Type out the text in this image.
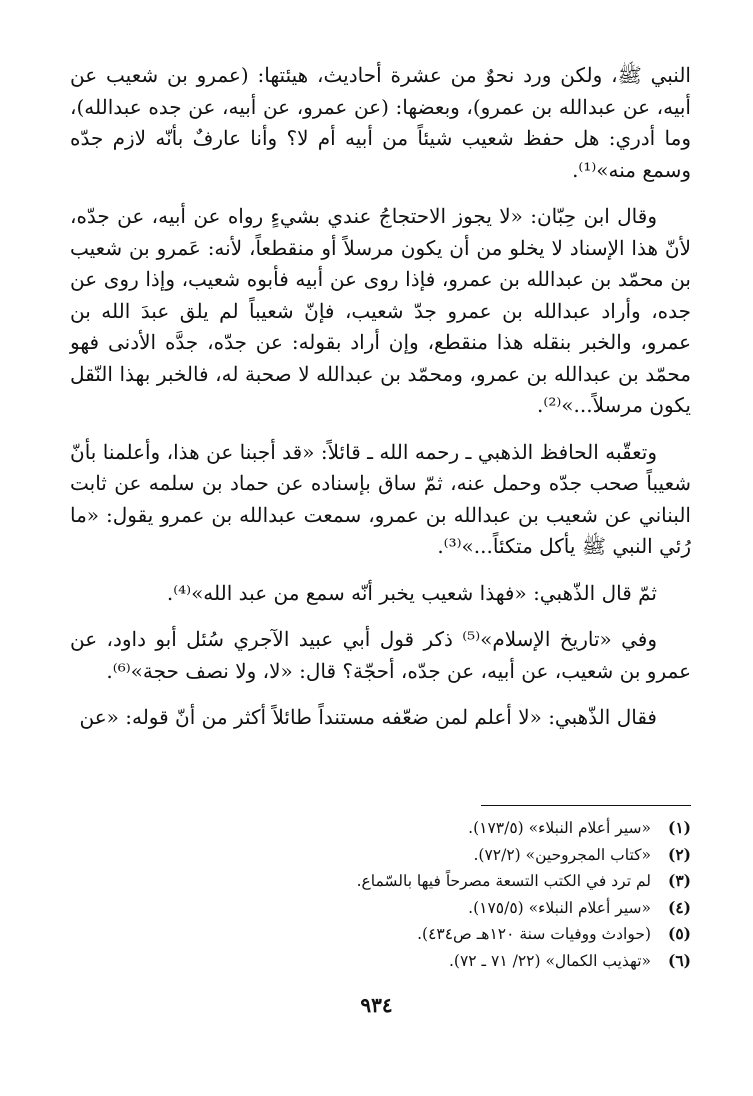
النبي ﷺ، ولكن ورد نحوٌ من عشرة أحاديث، هيئتها: (عمرو بن شعيب عن أبيه، عن عبدالله بن عمرو)، وبعضها: (عن عمرو، عن أبيه، عن جده عبدالله)، وما أدري: هل حفظ شعيب شيئاً من أبيه أم لا؟ وأنا عارفٌ بأنّه لازم جدّه وسمع منه»⁽¹⁾.

وقال ابن حِبّان: «لا يجوز الاحتجاجُ عندي بشيءٍ رواه عن أبيه، عن جدّه، لأنّ هذا الإسناد لا يخلو من أن يكون مرسلاً أو منقطعاً، لأنه: عَمرو بن شعيب بن محمّد بن عبدالله بن عمرو، فإذا روى عن أبيه فأبوه شعيب، وإذا روى عن جده، وأراد عبدالله بن عمرو جدّ شعيب، فإنّ شعيباً لم يلق عبدَ الله بن عمرو، والخبر بنقله هذا منقطع، وإن أراد بقوله: عن جدّه، جدَّه الأدنى فهو محمّد بن عبدالله بن عمرو، ومحمّد بن عبدالله لا صحبة له، فالخبر بهذا النّقل يكون مرسلاً...»⁽²⁾.

وتعقّبه الحافظ الذهبي ـ رحمه الله ـ قائلاً: «قد أجبنا عن هذا، وأعلمنا بأنّ شعيباً صحب جدّه وحمل عنه، ثمّ ساق بإسناده عن حماد بن سلمه عن ثابت البناني عن شعيب بن عبدالله بن عمرو، سمعت عبدالله بن عمرو يقول: «ما رُئي النبي ﷺ يأكل متكئاً...»⁽³⁾.

ثمّ قال الذّهبي: «فهذا شعيب يخبر أنّه سمع من عبد الله»⁽⁴⁾.

وفي «تاريخ الإسلام»⁽⁵⁾ ذكر قول أبي عبيد الآجري سُئل أبو داود، عن عمرو بن شعيب، عن أبيه، عن جدّه، أحجّة؟ قال: «لا، ولا نصف حجة»⁽⁶⁾.

فقال الذّهبي: «لا أعلم لمن ضعّفه مستنداً طائلاً أكثر من أنّ قوله: «عن

(١)«سير أعلام النبلاء» (١٧٣/٥).
(٢)«كتاب المجروحين» (٧٢/٢).
(٣)لم ترد في الكتب التسعة مصرحاً فيها بالسّماع.
(٤)«سير أعلام النبلاء» (١٧٥/٥).
(٥)(حوادث ووفيات سنة ١٢٠هـ ص٤٣٤).
(٦)«تهذيب الكمال» (٢٢/ ٧١ ـ ٧٢).
٩٣٤
